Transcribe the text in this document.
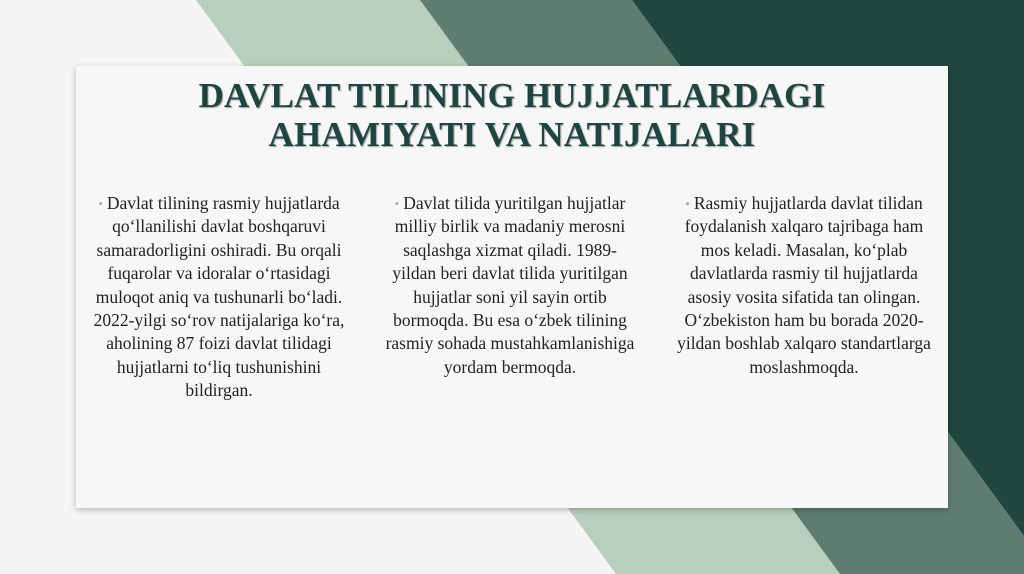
DAVLAT TILINING HUJJATLARDAGI
AHAMIYATI VA NATIJALARI
• Davlat tilining rasmiy hujjatlarda qo‘llanilishi davlat boshqaruvi samaradorligini oshiradi. Bu orqali fuqarolar va idoralar o‘rtasidagi muloqot aniq va tushunarli bo‘ladi. 2022-yilgi so‘rov natijalariga ko‘ra, aholining 87 foizi davlat tilidagi hujjatlarni to‘liq tushunishini bildirgan.
• Davlat tilida yuritilgan hujjatlar milliy birlik va madaniy merosni saqlashga xizmat qiladi. 1989-yildan beri davlat tilida yuritilgan hujjatlar soni yil sayin ortib bormoqda. Bu esa o‘zbek tilining rasmiy sohada mustahkamlanishiga yordam bermoqda.
• Rasmiy hujjatlarda davlat tilidan foydalanish xalqaro tajribaga ham mos keladi. Masalan, ko‘plab davlatlarda rasmiy til hujjatlarda asosiy vosita sifatida tan olingan. O‘zbekiston ham bu borada 2020-yildan boshlab xalqaro standartlarga moslashmoqda.
